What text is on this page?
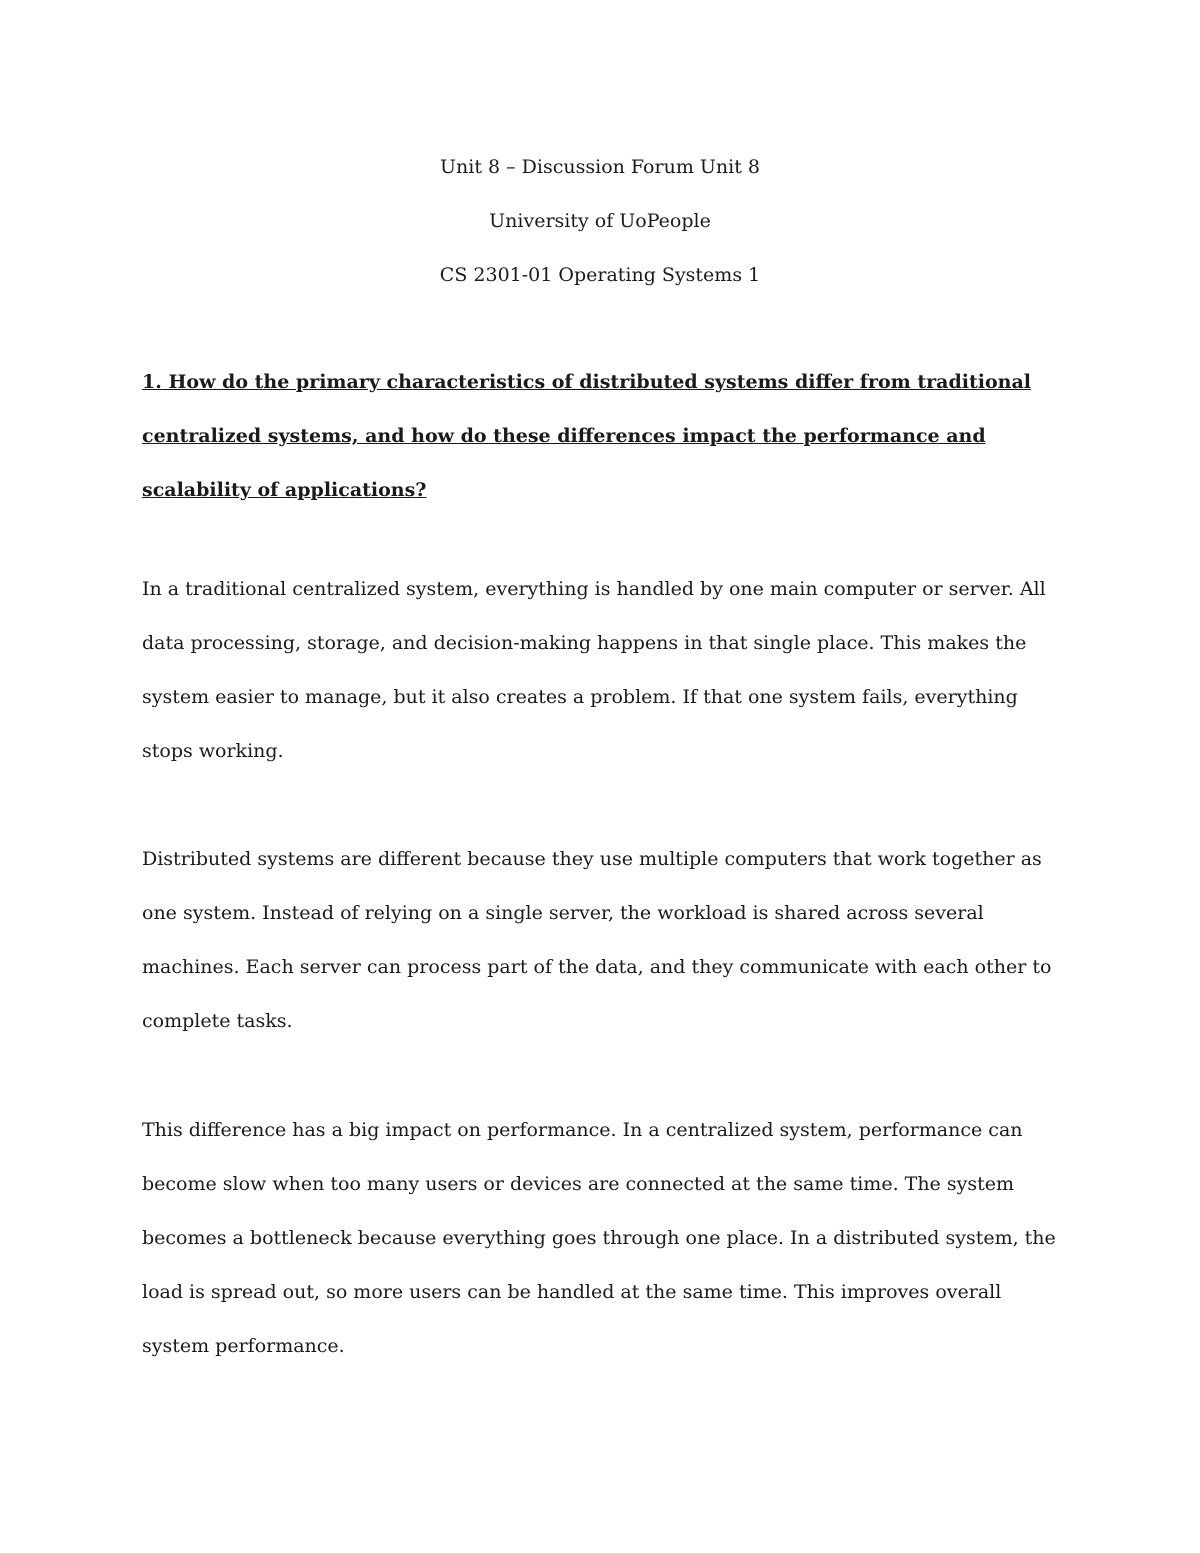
Unit 8 – Discussion Forum Unit 8
University of UoPeople
CS 2301-01 Operating Systems 1
1. How do the primary characteristics of distributed systems differ from traditional centralized systems, and how do these differences impact the performance and scalability of applications?

In a traditional centralized system, everything is handled by one main computer or server. All data processing, storage, and decision-making happens in that single place. This makes the system easier to manage, but it also creates a problem. If that one system fails, everything stops working.

Distributed systems are different because they use multiple computers that work together as one system. Instead of relying on a single server, the workload is shared across several machines. Each server can process part of the data, and they communicate with each other to complete tasks.

This difference has a big impact on performance. In a centralized system, performance can become slow when too many users or devices are connected at the same time. The system becomes a bottleneck because everything goes through one place. In a distributed system, the load is spread out, so more users can be handled at the same time. This improves overall system performance.
